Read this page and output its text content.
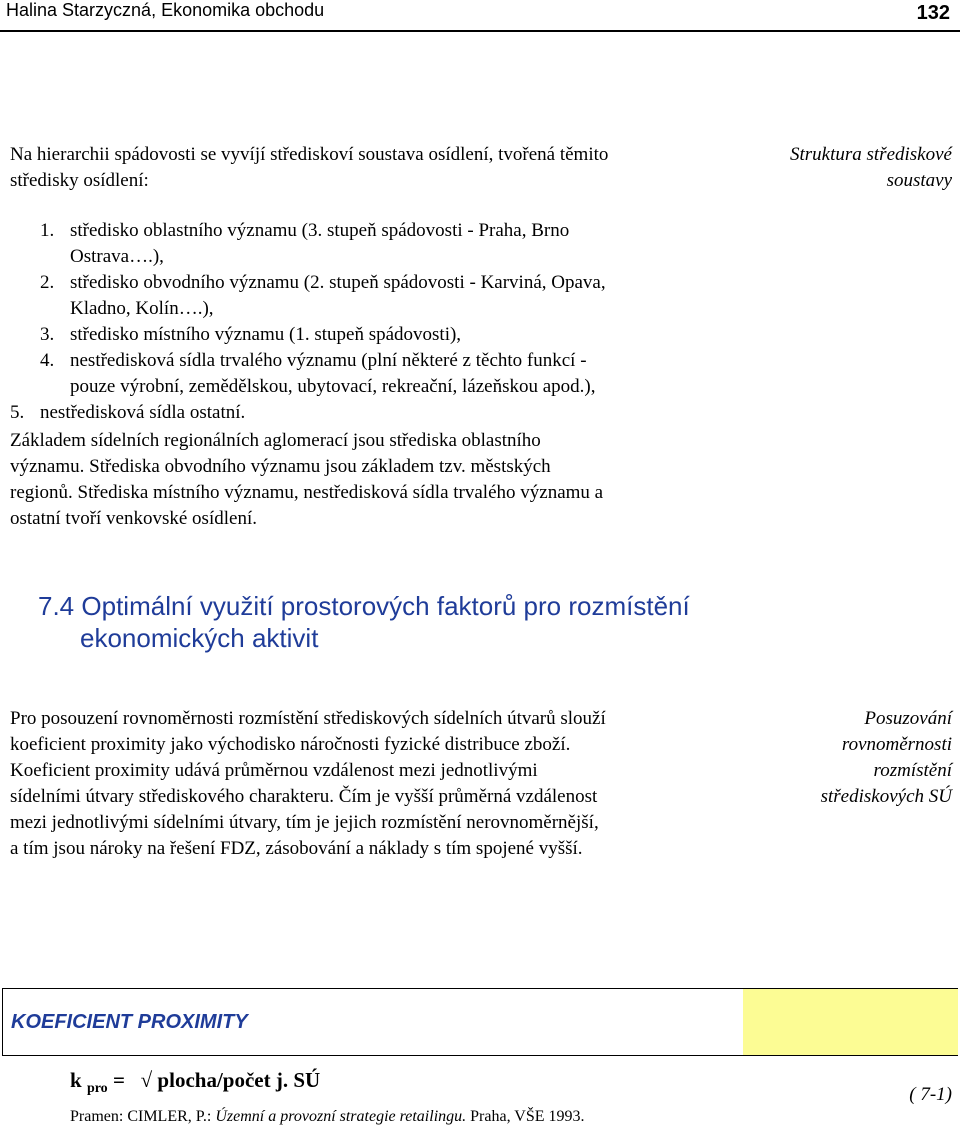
Halina Starzyczná, Ekonomika obchodu	132
Na hierarchii spádovosti se vyvíjí střediskoví soustava osídlení, tvořená těmito
středisky osídlení:
Struktura střediskové
soustavy
1. středisko oblastního významu (3. stupeň spádovosti - Praha, Brno
Ostrava….),
2. středisko obvodního významu (2. stupeň spádovosti - Karviná, Opava,
Kladno, Kolín….),
3. středisko místního významu (1. stupeň spádovosti),
4. nestředisková sídla trvalého významu (plní některé z těchto funkcí -
pouze výrobní, zemědělskou, ubytovací, rekreační, lázeňskou apod.),
5. nestředisková sídla ostatní.
Základem sídelních regionálních aglomerací jsou střediska oblastního
významu. Střediska obvodního významu jsou základem tzv. městských
regionů. Střediska místního významu, nestředisková sídla trvalého významu a
ostatní tvoří venkovské osídlení.
7.4 Optimální využití prostorových faktorů pro rozmístění
ekonomických aktivit
Pro posouzení rovnoměrnosti rozmístění střediskových sídelních útvarů slouží
koeficient proximity jako východisko náročnosti fyzické distribuce zboží.
Koeficient proximity udává průměrnou vzdálenost mezi jednotlivými
sídelními útvary střediskového charakteru. Čím je vyšší průměrná vzdálenost
mezi jednotlivými sídelními útvary, tím je jejich rozmístění nerovnoměrnější,
a tím jsou nároky na řešení FDZ, zásobování a náklady s tím spojené vyšší.
Posuzování
rovnoměrnosti
rozmístění
střediskových SÚ
KOEFICIENT PROXIMITY
k $_{pro}$ =   √ plocha/počet j. SÚ
( 7-1)
Pramen: CIMLER, P.: Územní a provozní strategie retailingu. Praha, VŠE 1993.
